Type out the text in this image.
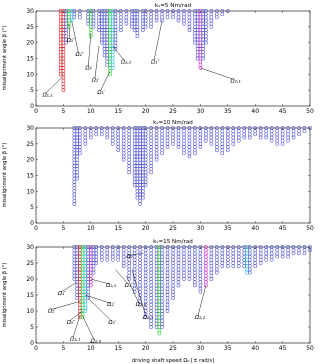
kₛ=5 Nm/rad
0	5	10	15	20	25	30	35	40	45	50
0
5
10
15
20
25
30
misalignment angle β (°)
Ω₁,₁
Ω₃″
Ω₂″
Ω₃′
Ω₂′
Ω₁′
Ω₂,₂	Ω₁″
Ω₂,₁
kₛ=10 Nm/rad
0	5	10	15	20	25	30	35	40	45	50
0
5
10
15
20
25
30
misalignment angle β (°)
kₛ=15 Nm/rad
0	5	10	15	20	25	30	35	40	45	50
0
5
10
15
20
25
30
misalignment angle β (°)	Ω₁″
Ω₂″
Ω₃″
Ω₁,₁ Ω₂,₆
Ω₂,₅
Ω₂′
Ω₃′
Ω₂,₄
Ω₂,₃
Ω₁′
Ω₂,₂
Ω₂
driving shaft speed Ω₀ [± rad/s]
